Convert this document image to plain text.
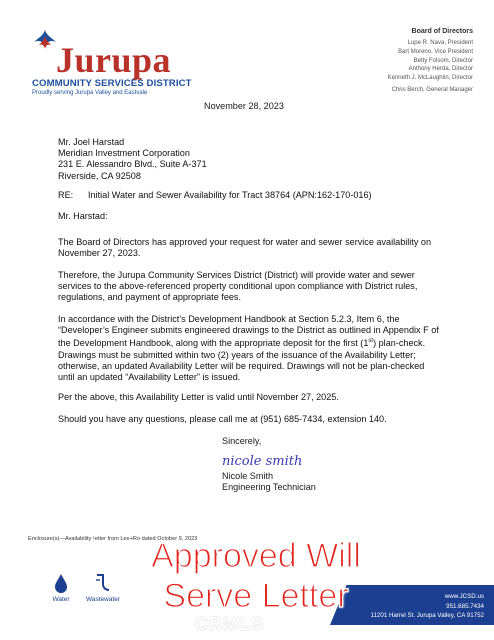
Jurupa
COMMUNITY SERVICES DISTRICT
Proudly serving Jurupa Valley and Eastvale
Board of Directors
Lupe R. Nava, President
Bart Moreno, Vice President
Betty Folsom, Director
Anthony Herda, Director
Kenneth J. McLaughlin, Director
Chris Berch, General Manager
November 28, 2023
Mr. Joel Harstad
Meridian Investment Corporation
231 E. Alessandro Blvd., Suite A-371
Riverside, CA 92508
RE: Initial Water and Sewer Availability for Tract 38764 (APN:162-170-016)
Mr. Harstad:
The Board of Directors has approved your request for water and sewer service availability on November 27, 2023.
Therefore, the Jurupa Community Services District (District) will provide water and sewer services to the above-referenced property conditional upon compliance with District rules, regulations, and payment of appropriate fees.
In accordance with the District’s Development Handbook at Section 5.2.3, Item 6, the “Developer’s Engineer submits engineered drawings to the District as outlined in Appendix F of the Development Handbook, along with the appropriate deposit for the first (1st) plan-check. Drawings must be submitted within two (2) years of the issuance of the Availability Letter; otherwise, an updated Availability Letter will be required. Drawings will not be plan-checked until an updated “Availability Letter” is issued.
Per the above, this Availability Letter is valid until November 27, 2025.
Should you have any questions, please call me at (951) 685-7434, extension 140.
Sincerely,
nicole smith
Nicole Smith
Engineering Technician
Enclosure(s)—Availability ᴸetter from Lee+Ro dated October 9, 2023
www.JCSD.us
951.685.7434
11201 Harrel St. Jurupa Valley, CA 91752
Water	Wastewater
Approved Will
Serve Letter
CRMLS
